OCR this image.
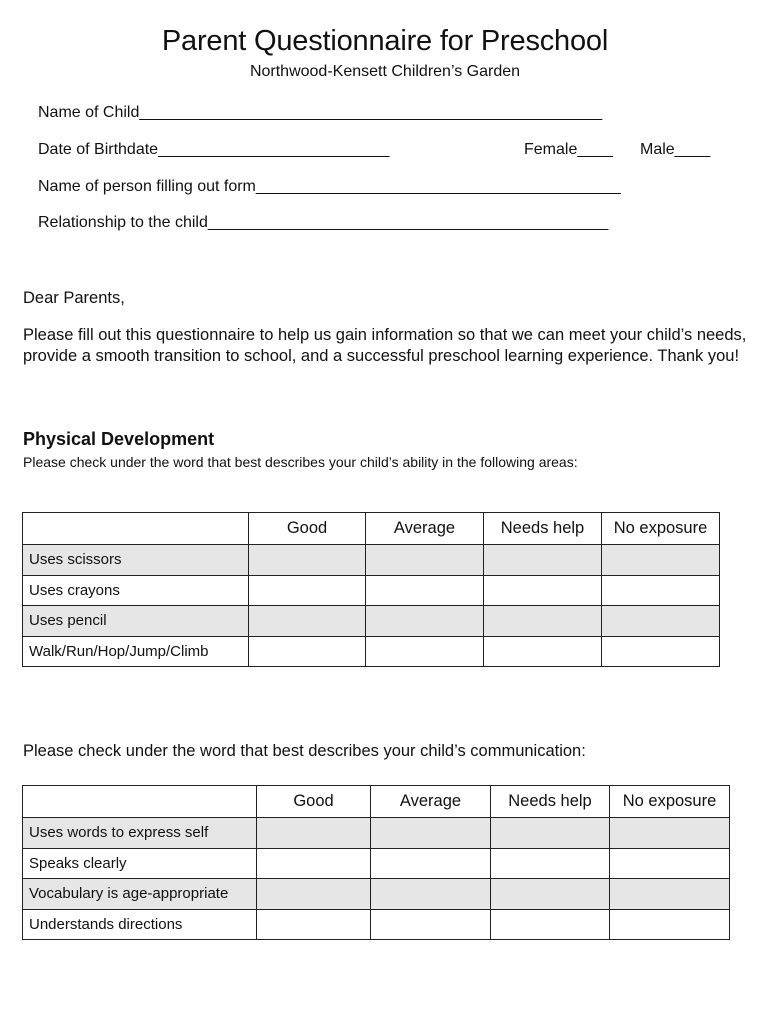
Parent Questionnaire for Preschool
Northwood-Kensett Children’s Garden
Name of Child____________________________________________________
Date of Birthdate__________________________	Female____ Male____
Name of person filling out form_________________________________________
Relationship to the child_____________________________________________
Dear Parents,
Please fill out this questionnaire to help us gain information so that we can meet your child’s needs, provide a smooth transition to school, and a successful preschool learning experience. Thank you!
Physical Development
Please check under the word that best describes your child’s ability in the following areas:
	Good	Average	Needs help	No exposure
Uses scissors				
Uses crayons				
Uses pencil				
Walk/Run/Hop/Jump/Climb				
Please check under the word that best describes your child’s communication:
	Good	Average	Needs help	No exposure
Uses words to express self				
Speaks clearly				
Vocabulary is age-appropriate				
Understands directions				
